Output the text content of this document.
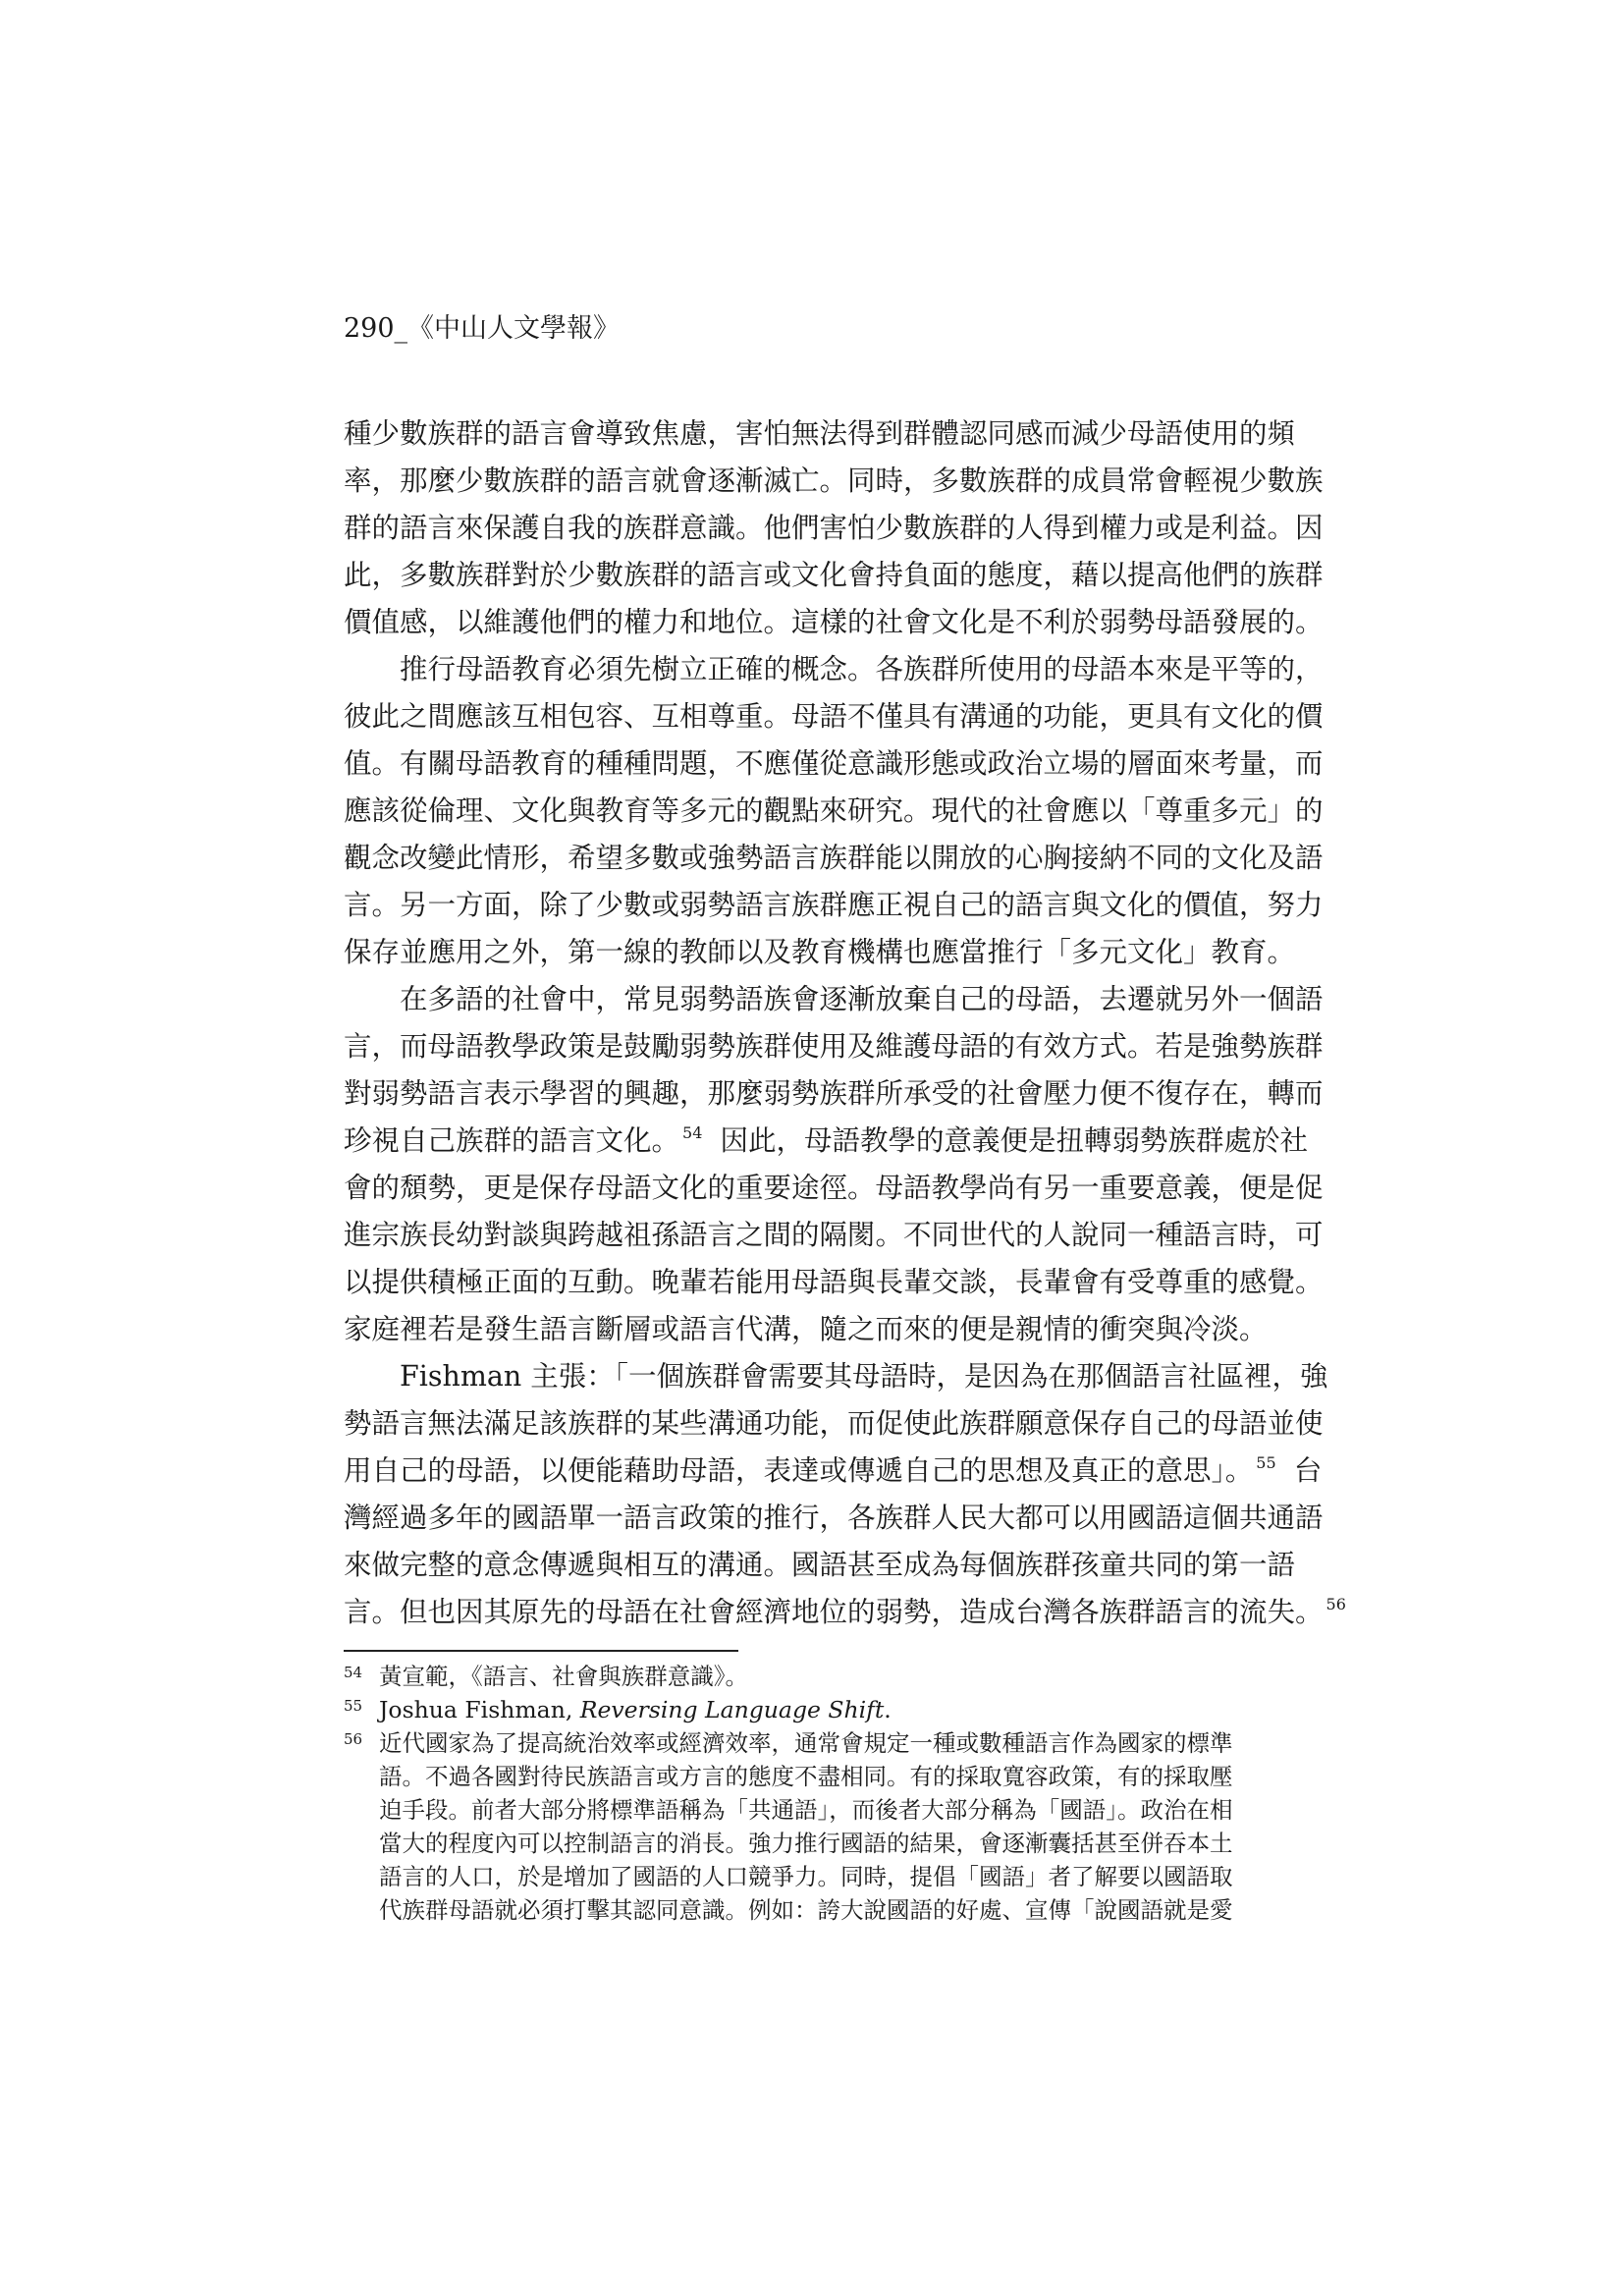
290_《中山人文學報》

種少數族群的語言會導致焦慮，害怕無法得到群體認同感而減少母語使用的頻
率，那麼少數族群的語言就會逐漸滅亡。同時，多數族群的成員常會輕視少數族
群的語言來保護自我的族群意識。他們害怕少數族群的人得到權力或是利益。因
此，多數族群對於少數族群的語言或文化會持負面的態度，藉以提高他們的族群
價值感，以維護他們的權力和地位。這樣的社會文化是不利於弱勢母語發展的。

推行母語教育必須先樹立正確的概念。各族群所使用的母語本來是平等的，
彼此之間應該互相包容、互相尊重。母語不僅具有溝通的功能，更具有文化的價
值。有關母語教育的種種問題，不應僅從意識形態或政治立場的層面來考量，而
應該從倫理、文化與教育等多元的觀點來研究。現代的社會應以「尊重多元」的
觀念改變此情形，希望多數或強勢語言族群能以開放的心胸接納不同的文化及語
言。另一方面，除了少數或弱勢語言族群應正視自己的語言與文化的價值，努力
保存並應用之外，第一線的教師以及教育機構也應當推行「多元文化」教育。

在多語的社會中，常見弱勢語族會逐漸放棄自己的母語，去遷就另外一個語
言，而母語教學政策是鼓勵弱勢族群使用及維護母語的有效方式。若是強勢族群
對弱勢語言表示學習的興趣，那麼弱勢族群所承受的社會壓力便不復存在，轉而
珍視自己族群的語言文化。 $^{54}$ 因此，母語教學的意義便是扭轉弱勢族群處於社
會的頹勢，更是保存母語文化的重要途徑。母語教學尚有另一重要意義，便是促
進宗族長幼對談與跨越祖孫語言之間的隔閡。不同世代的人說同一種語言時，可
以提供積極正面的互動。晚輩若能用母語與長輩交談，長輩會有受尊重的感覺。
家庭裡若是發生語言斷層或語言代溝，隨之而來的便是親情的衝突與冷淡。

Fishman 主張：「一個族群會需要其母語時，是因為在那個語言社區裡，強
勢語言無法滿足該族群的某些溝通功能，而促使此族群願意保存自己的母語並使
用自己的母語，以便能藉助母語，表達或傳遞自己的思想及真正的意思」。 $^{55}$ 台
灣經過多年的國語單一語言政策的推行，各族群人民大都可以用國語這個共通語
來做完整的意念傳遞與相互的溝通。國語甚至成為每個族群孩童共同的第一語
言。但也因其原先的母語在社會經濟地位的弱勢，造成台灣各族群語言的流失。 $^{56}$

54 黃宣範，《語言、社會與族群意識》。
55 Joshua Fishman, Reversing Language Shift.
56 近代國家為了提高統治效率或經濟效率，通常會規定一種或數種語言作為國家的標準
語。不過各國對待民族語言或方言的態度不盡相同。有的採取寬容政策，有的採取壓
迫手段。前者大部分將標準語稱為「共通語」，而後者大部分稱為「國語」。政治在相
當大的程度內可以控制語言的消長。強力推行國語的結果，會逐漸囊括甚至併吞本土
語言的人口，於是增加了國語的人口競爭力。同時，提倡「國語」者了解要以國語取
代族群母語就必須打擊其認同意識。例如：誇大說國語的好處、宣傳「說國語就是愛
